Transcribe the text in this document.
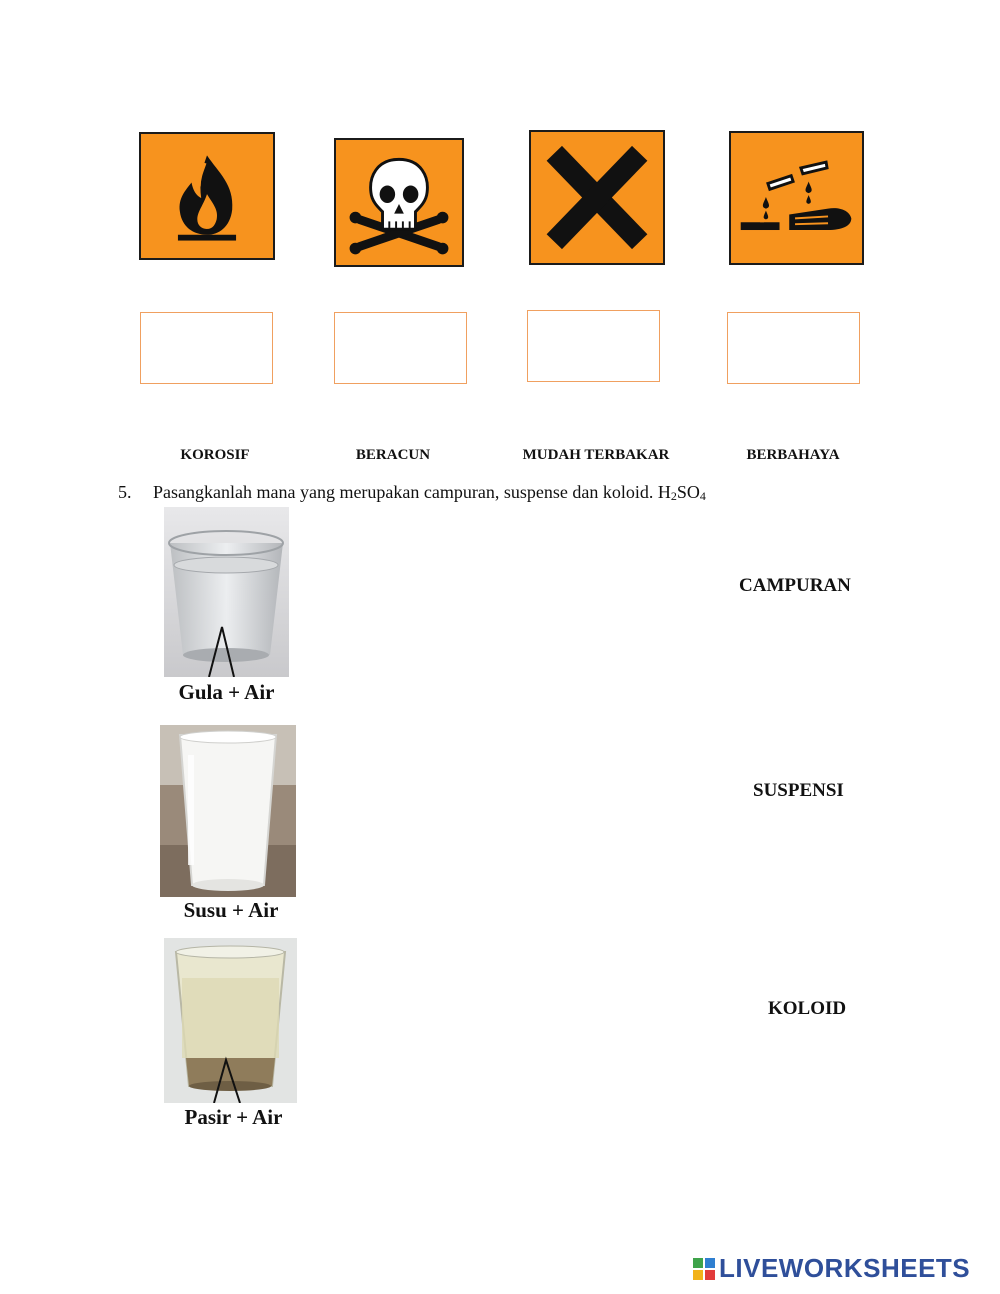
KOROSIF	BERACUN	MUDAH TERBAKAR	BERBAHAYA
5. Pasangkanlah mana yang merupakan campuran, suspense dan koloid. $H_2SO_4$
Gula + Air
Susu + Air
Pasir + Air
CAMPURAN
SUSPENSI
KOLOID
LIVEWORKSHEETS
